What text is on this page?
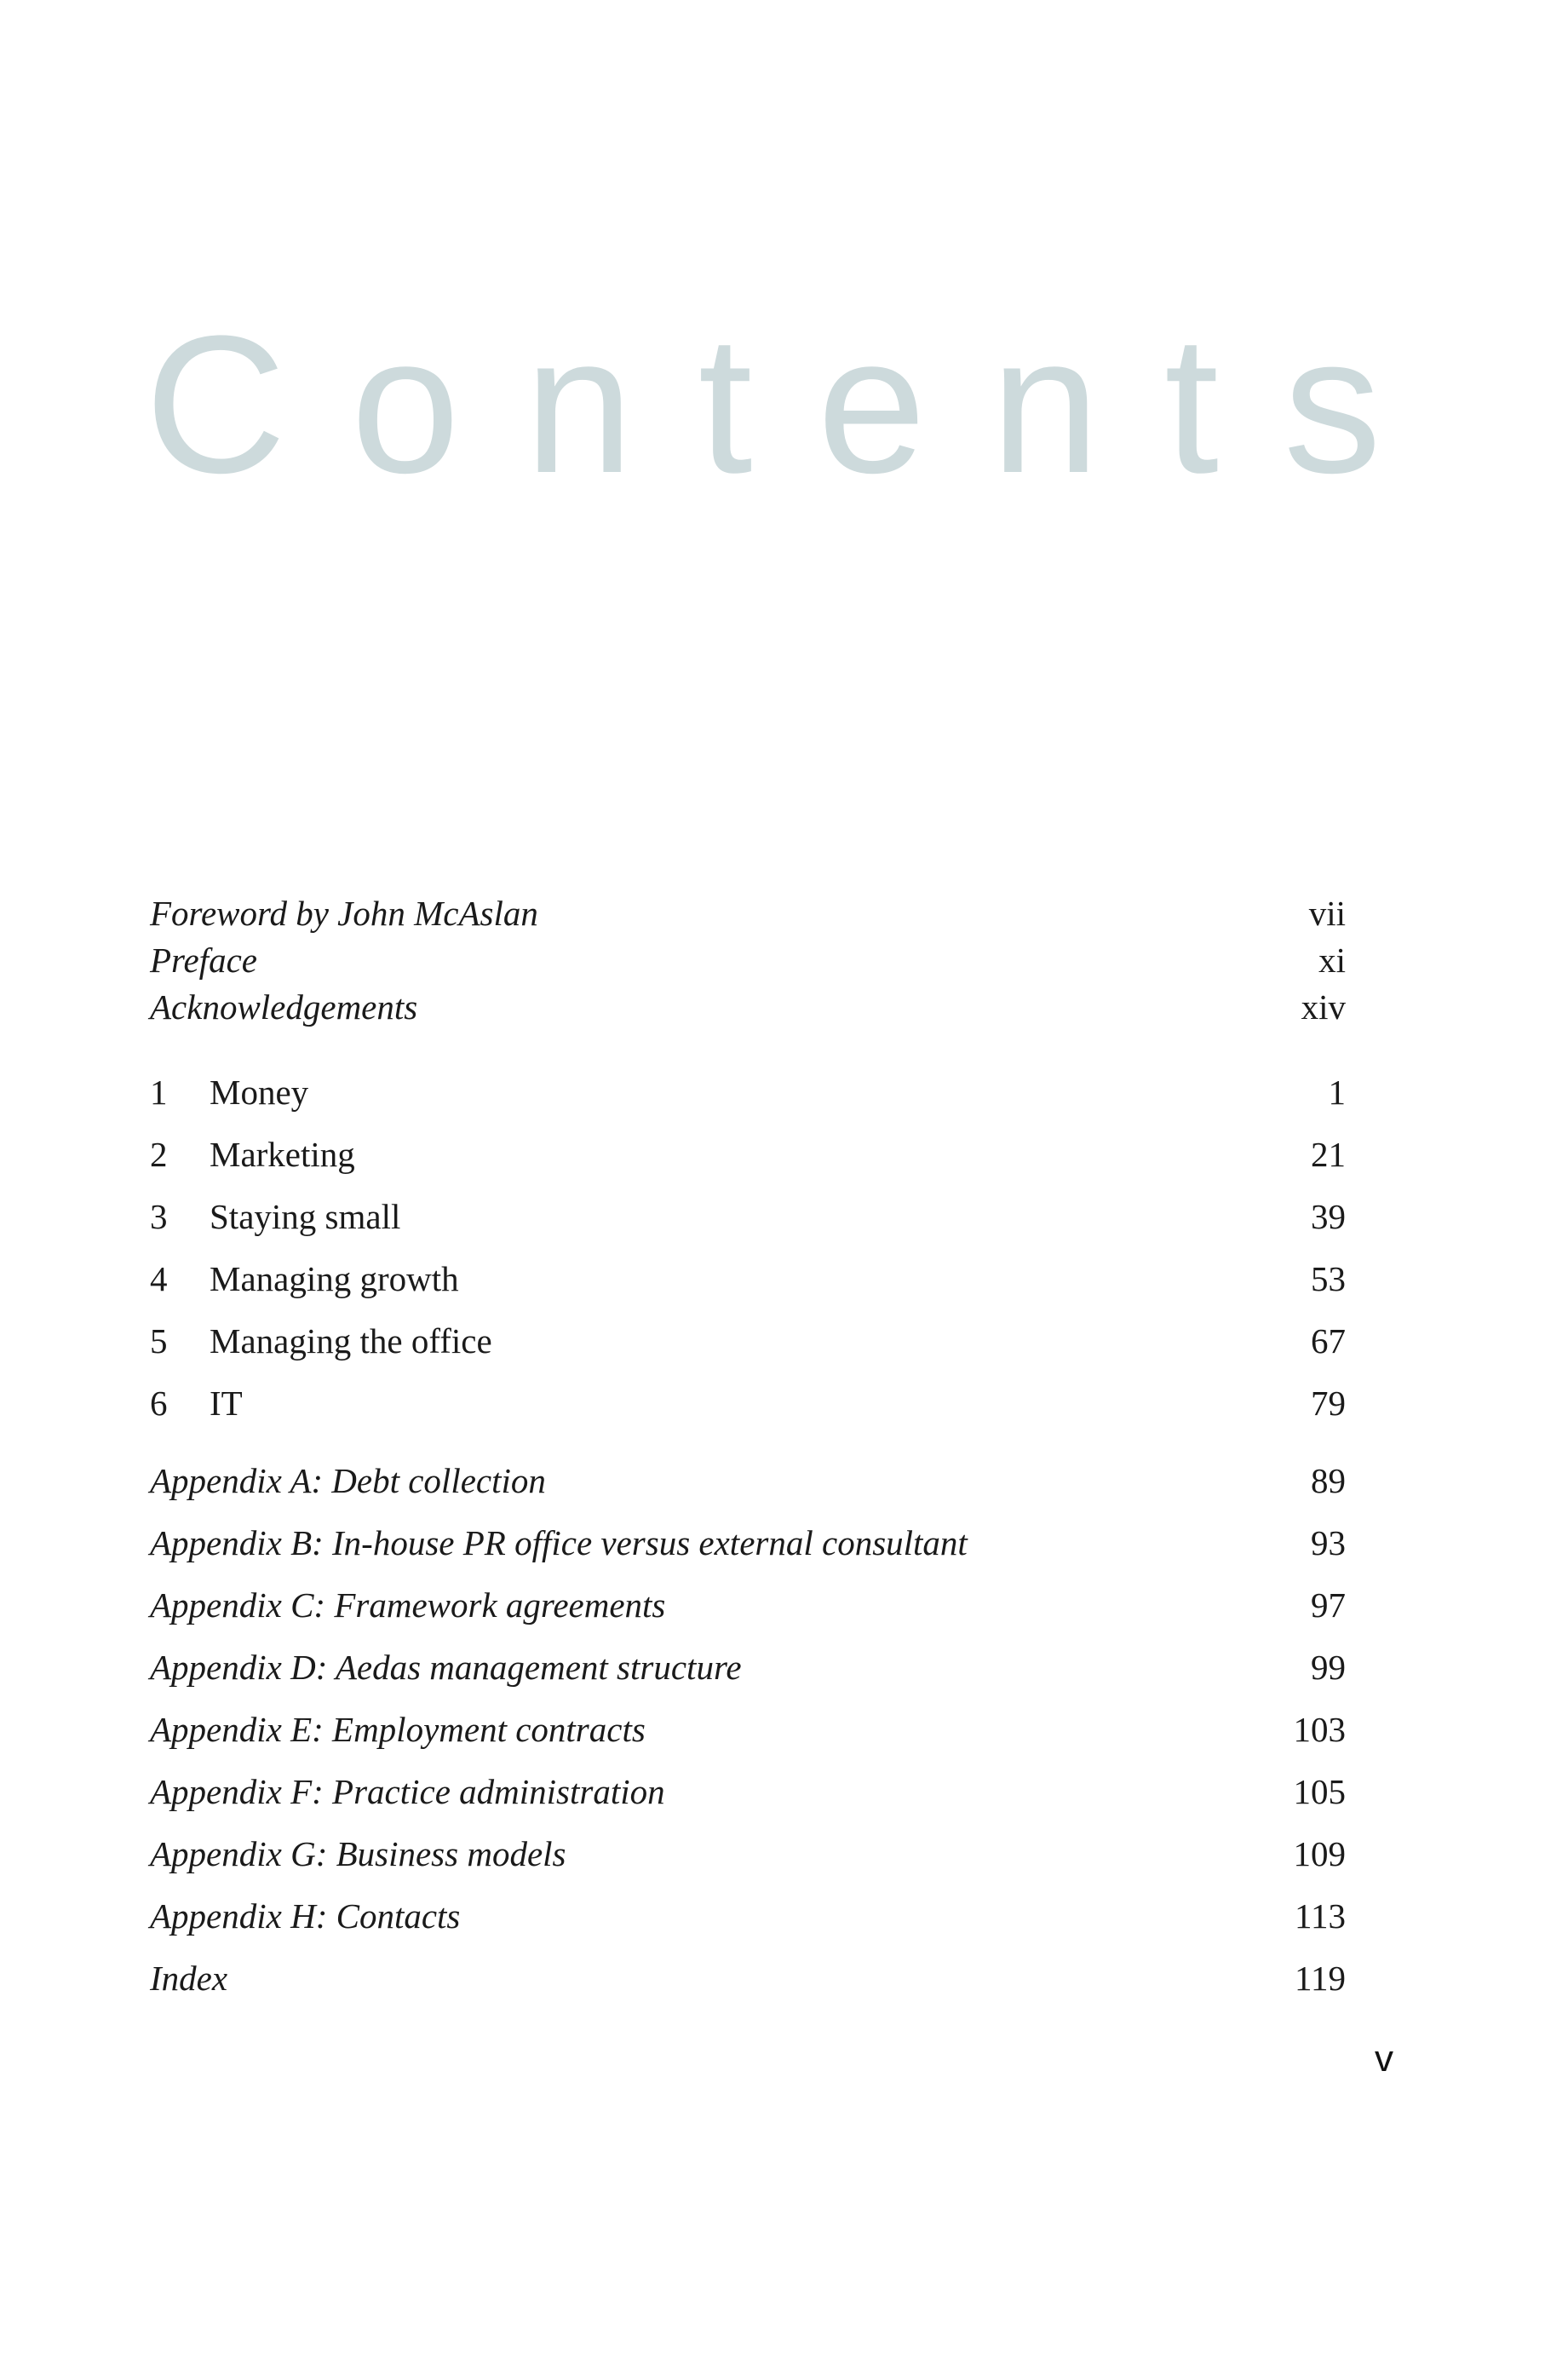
Contents
Foreword by John McAslan	vii
Preface	xi
Acknowledgements	xiv
1	Money	1
2	Marketing	21
3	Staying small	39
4	Managing growth	53
5	Managing the office	67
6	IT	79
Appendix A: Debt collection	89
Appendix B: In-house PR office versus external consultant	93
Appendix C: Framework agreements	97
Appendix D: Aedas management structure	99
Appendix E: Employment contracts	103
Appendix F: Practice administration	105
Appendix G: Business models	109
Appendix H: Contacts	113
Index	119
v
